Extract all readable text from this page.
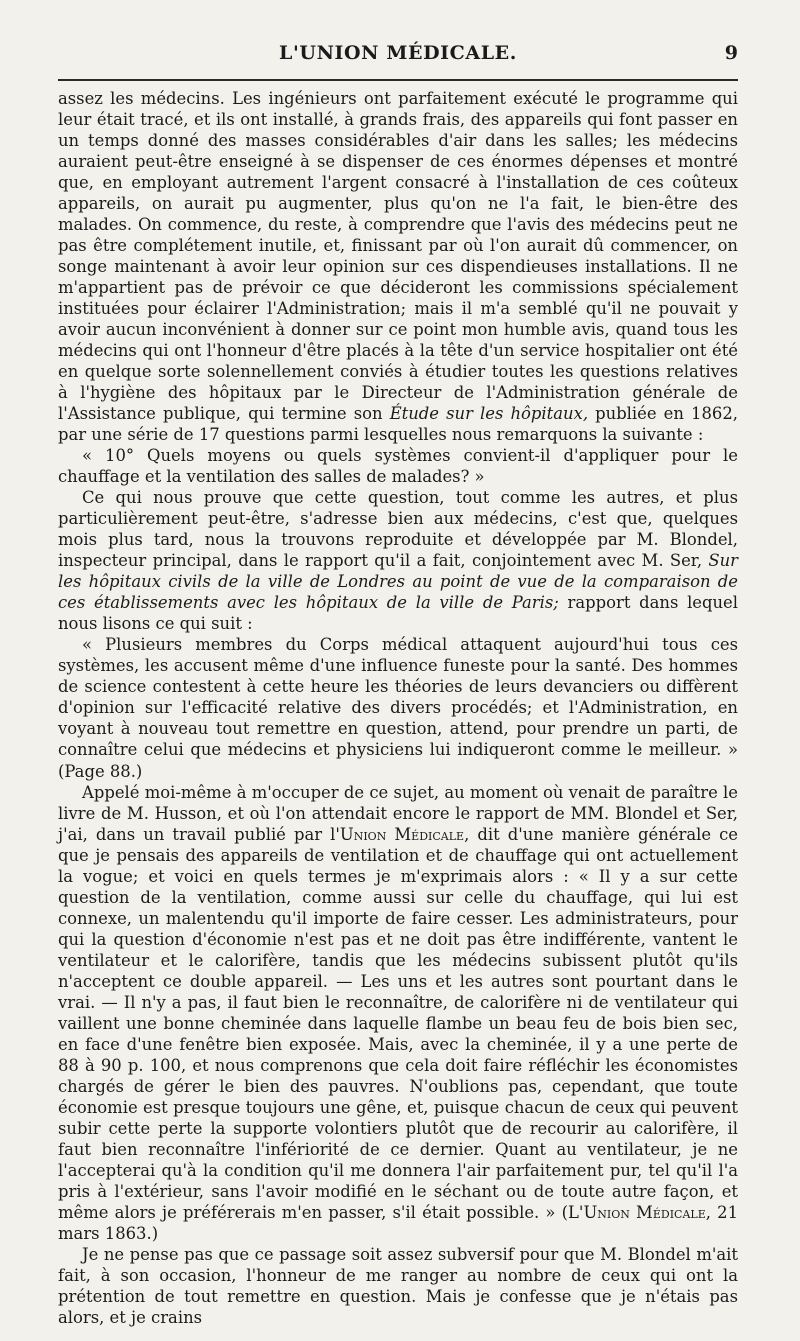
L'UNION MÉDICALE.	9

assez les médecins. Les ingénieurs ont parfaitement exécuté le programme qui leur était tracé, et ils ont installé, à grands frais, des appareils qui font passer en un temps donné des masses considérables d'air dans les salles; les médecins auraient peut-être enseigné à se dispenser de ces énormes dépenses et montré que, en employant autrement l'argent consacré à l'installation de ces coûteux appareils, on aurait pu augmenter, plus qu'on ne l'a fait, le bien-être des malades. On commence, du reste, à comprendre que l'avis des médecins peut ne pas être complétement inutile, et, finissant par où l'on aurait dû commencer, on songe maintenant à avoir leur opinion sur ces dispendieuses installations. Il ne m'appartient pas de prévoir ce que décideront les commissions spécialement instituées pour éclairer l'Administration; mais il m'a semblé qu'il ne pouvait y avoir aucun inconvénient à donner sur ce point mon humble avis, quand tous les médecins qui ont l'honneur d'être placés à la tête d'un service hospitalier ont été en quelque sorte solennellement conviés à étudier toutes les questions relatives à l'hygiène des hôpitaux par le Directeur de l'Administration générale de l'Assistance publique, qui termine son Étude sur les hôpitaux, publiée en 1862, par une série de 17 questions parmi lesquelles nous remarquons la suivante :

« 10° Quels moyens ou quels systèmes convient-il d'appliquer pour le chauffage et la ventilation des salles de malades? »

Ce qui nous prouve que cette question, tout comme les autres, et plus particulièrement peut-être, s'adresse bien aux médecins, c'est que, quelques mois plus tard, nous la trouvons reproduite et développée par M. Blondel, inspecteur principal, dans le rapport qu'il a fait, conjointement avec M. Ser, Sur les hôpitaux civils de la ville de Londres au point de vue de la comparaison de ces établissements avec les hôpitaux de la ville de Paris; rapport dans lequel nous lisons ce qui suit :

« Plusieurs membres du Corps médical attaquent aujourd'hui tous ces systèmes, les accusent même d'une influence funeste pour la santé. Des hommes de science contestent à cette heure les théories de leurs devanciers ou diffèrent d'opinion sur l'efficacité relative des divers procédés; et l'Administration, en voyant à nouveau tout remettre en question, attend, pour prendre un parti, de connaître celui que médecins et physiciens lui indiqueront comme le meilleur. » (Page 88.)

Appelé moi-même à m'occuper de ce sujet, au moment où venait de paraître le livre de M. Husson, et où l'on attendait encore le rapport de MM. Blondel et Ser, j'ai, dans un travail publié par l'Union Médicale, dit d'une manière générale ce que je pensais des appareils de ventilation et de chauffage qui ont actuellement la vogue; et voici en quels termes je m'exprimais alors : « Il y a sur cette question de la ventilation, comme aussi sur celle du chauffage, qui lui est connexe, un malentendu qu'il importe de faire cesser. Les administrateurs, pour qui la question d'économie n'est pas et ne doit pas être indifférente, vantent le ventilateur et le calorifère, tandis que les médecins subissent plutôt qu'ils n'acceptent ce double appareil. — Les uns et les autres sont pourtant dans le vrai. — Il n'y a pas, il faut bien le reconnaître, de calorifère ni de ventilateur qui vaillent une bonne cheminée dans laquelle flambe un beau feu de bois bien sec, en face d'une fenêtre bien exposée. Mais, avec la cheminée, il y a une perte de 88 à 90 p. 100, et nous comprenons que cela doit faire réfléchir les économistes chargés de gérer le bien des pauvres. N'oublions pas, cependant, que toute économie est presque toujours une gêne, et, puisque chacun de ceux qui peuvent subir cette perte la supporte volontiers plutôt que de recourir au calorifère, il faut bien reconnaître l'infériorité de ce dernier. Quant au ventilateur, je ne l'accepterai qu'à la condition qu'il me donnera l'air parfaitement pur, tel qu'il l'a pris à l'extérieur, sans l'avoir modifié en le séchant ou de toute autre façon, et même alors je préférerais m'en passer, s'il était possible. » (L'Union Médicale, 21 mars 1863.)

Je ne pense pas que ce passage soit assez subversif pour que M. Blondel m'ait fait, à son occasion, l'honneur de me ranger au nombre de ceux qui ont la prétention de tout remettre en question. Mais je confesse que je n'étais pas alors, et je crains
